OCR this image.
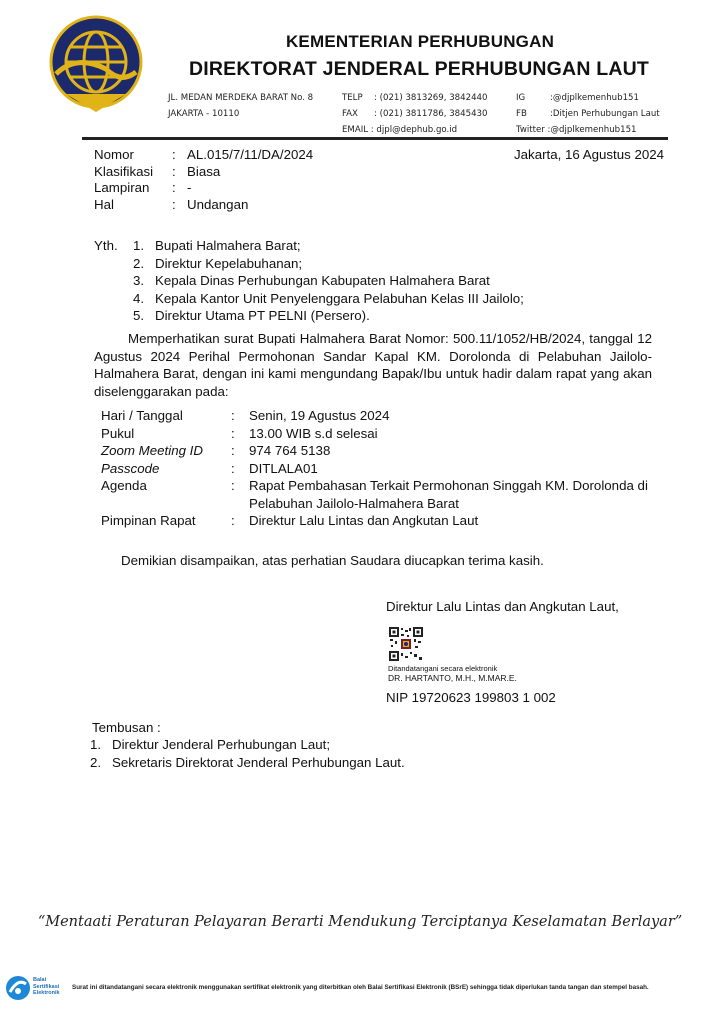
KEMENTERIAN PERHUBUNGAN
DIREKTORAT JENDERAL PERHUBUNGAN LAUT
JL. MEDAN MERDEKA BARAT No. 8
JAKARTA - 10110
TELP : (021) 3813269, 3842440
FAX : (021) 3811786, 3845430
EMAIL : djpl@dephub.go.id
IG	:@djplkemenhub151
FB	:Ditjen Perhubungan Laut
Twitter :@djplkemenhub151
Nomor	: AL.015/7/11/DA/2024
Klasifikasi : Biasa
Lampiran : -
Hal	: Undangan
Jakarta, 16 Agustus 2024
Yth. 1. Bupati Halmahera Barat;
2. Direktur Kepelabuhanan;
3. Kepala Dinas Perhubungan Kabupaten Halmahera Barat
4. Kepala Kantor Unit Penyelenggara Pelabuhan Kelas III Jailolo;
5. Direktur Utama PT PELNI (Persero).
Memperhatikan surat Bupati Halmahera Barat Nomor: 500.11/1052/HB/2024, tanggal 12 Agustus 2024 Perihal Permohonan Sandar Kapal KM. Dorolonda di Pelabuhan Jailolo-Halmahera Barat, dengan ini kami mengundang Bapak/Ibu untuk hadir dalam rapat yang akan diselenggarakan pada:
Hari / Tanggal	:	Senin, 19 Agustus 2024
Pukul	:	13.00 WIB s.d selesai
Zoom Meeting ID	:	974 764 5138
Passcode	:	DITLALA01
Agenda	:	Rapat Pembahasan Terkait Permohonan Singgah KM. Dorolonda di Pelabuhan Jailolo-Halmahera Barat
Pimpinan Rapat	:	Direktur Lalu Lintas dan Angkutan Laut
Demikian disampaikan, atas perhatian Saudara diucapkan terima kasih.
Direktur Lalu Lintas dan Angkutan Laut,
Ditandatangani secara elektronik
DR. HARTANTO, M.H., M.MAR.E.
NIP 19720623 199803 1 002
Tembusan :
1. Direktur Jenderal Perhubungan Laut;
2. Sekretaris Direktorat Jenderal Perhubungan Laut.
“Mentaati Peraturan Pelayaran Berarti Mendukung Terciptanya Keselamatan Berlayar”
Balai
Sertifikasi
Elektronik
Surat ini ditandatangani secara elektronik menggunakan sertifikat elektronik yang diterbitkan oleh Balai Sertifikasi Elektronik (BSrE) sehingga tidak diperlukan tanda tangan dan stempel basah.
